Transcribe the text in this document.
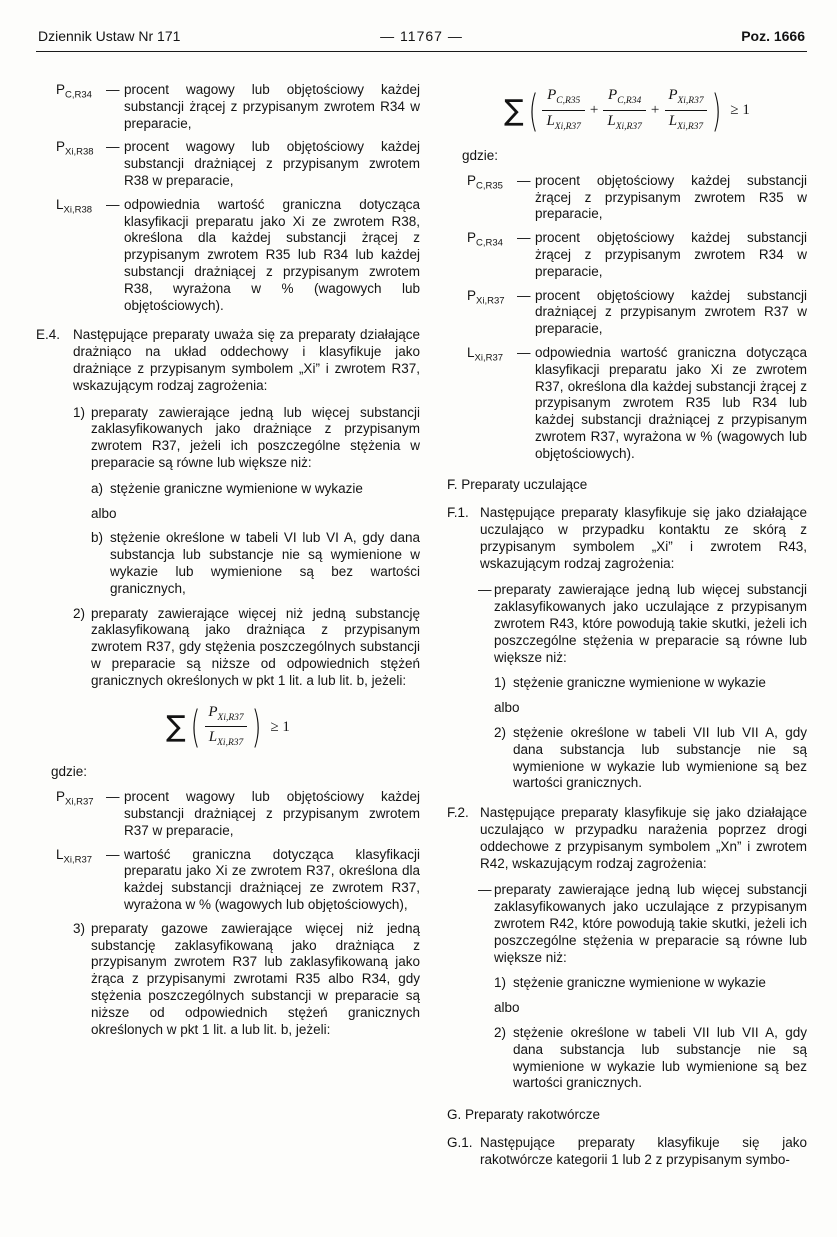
Dziennik Ustaw Nr 171	— 11767 —	Poz. 1666
$P_{C,R34}$	— procent wagowy lub objętościowy każdej substancji żrącej z przypisanym zwrotem R34 w preparacie,
$P_{Xi,R38}$ — procent wagowy lub objętościowy każdej substancji drażniącej z przypisanym zwrotem R38 w preparacie,
$L_{Xi,R38}$	— odpowiednia wartość graniczna dotycząca klasyfikacji preparatu jako Xi ze zwrotem R38, określona dla każdej substancji żrącej z przypisanym zwrotem R35 lub R34 lub każdej substancji drażniącej z przypisanym zwrotem R38, wyrażona w % (wagowych lub objętościowych).
E.4. Następujące preparaty uważa się za preparaty działające drażniąco na układ oddechowy i klasyfikuje jako drażniące z przypisanym symbolem „Xi” i zwrotem R37, wskazującym rodzaj zagrożenia:
1) preparaty zawierające jedną lub więcej substancji zaklasyfikowanych jako drażniące z przypisanym zwrotem R37, jeżeli ich poszczególne stężenia w preparacie są równe lub większe niż:
a) stężenie graniczne wymienione w wykazie
albo
b) stężenie określone w tabeli VI lub VI A, gdy dana substancja lub substancje nie są wymienione w wykazie lub wymienione są bez wartości granicznych,
2) preparaty zawierające więcej niż jedną substancję zaklasyfikowaną jako drażniąca z przypisanym zwrotem R37, gdy stężenia poszczególnych substancji w preparacie są niższe od odpowiednich stężeń granicznych określonych w pkt 1 lit. a lub lit. b, jeżeli:
∑ ( $\frac{P_{Xi,R37}}{L_{Xi,R37}}$ ) ≥ 1
gdzie:
$P_{Xi,R37}$ — procent wagowy lub objętościowy każdej substancji drażniącej z przypisanym zwrotem R37 w preparacie,
$L_{Xi,R37}$	— wartość graniczna dotycząca klasyfikacji preparatu jako Xi ze zwrotem R37, określona dla każdej substancji drażniącej ze zwrotem R37, wyrażona w % (wagowych lub objętościowych),
3) preparaty gazowe zawierające więcej niż jedną substancję zaklasyfikowaną jako drażniąca z przypisanym zwrotem R37 lub zaklasyfikowaną jako żrąca z przypisanymi zwrotami R35 albo R34, gdy stężenia poszczególnych substancji w preparacie są niższe od odpowiednich stężeń granicznych określonych w pkt 1 lit. a lub lit. b, jeżeli:
∑ ( $\frac{P_{C,R35}}{L_{Xi,R37}} + \frac{P_{C,R34}}{L_{Xi,R37}} + \frac{P_{Xi,R37}}{L_{Xi,R37}}$ ) ≥ 1
gdzie:
$P_{C,R35}$	— procent objętościowy każdej substancji żrącej z przypisanym zwrotem R35 w preparacie,
$P_{C,R34}$	— procent objętościowy każdej substancji żrącej z przypisanym zwrotem R34 w preparacie,
$P_{Xi,R37}$ — procent objętościowy każdej substancji drażniącej z przypisanym zwrotem R37 w preparacie,
$L_{Xi,R37}$	— odpowiednia wartość graniczna dotycząca klasyfikacji preparatu jako Xi ze zwrotem R37, określona dla każdej substancji żrącej z przypisanym zwrotem R35 lub R34 lub każdej substancji drażniącej z przypisanym zwrotem R37, wyrażona w % (wagowych lub objętościowych).
F. Preparaty uczulające
F.1. Następujące preparaty klasyfikuje się jako działające uczulająco w przypadku kontaktu ze skórą z przypisanym symbolem „Xi” i zwrotem R43, wskazującym rodzaj zagrożenia:
— preparaty zawierające jedną lub więcej substancji zaklasyfikowanych jako uczulające z przypisanym zwrotem R43, które powodują takie skutki, jeżeli ich poszczególne stężenia w preparacie są równe lub większe niż:
1) stężenie graniczne wymienione w wykazie
albo
2) stężenie określone w tabeli VII lub VII A, gdy dana substancja lub substancje nie są wymienione w wykazie lub wymienione są bez wartości granicznych.
F.2. Następujące preparaty klasyfikuje się jako działające uczulająco w przypadku narażenia poprzez drogi oddechowe z przypisanym symbolem „Xn” i zwrotem R42, wskazującym rodzaj zagrożenia:
— preparaty zawierające jedną lub więcej substancji zaklasyfikowanych jako uczulające z przypisanym zwrotem R42, które powodują takie skutki, jeżeli ich poszczególne stężenia w preparacie są równe lub większe niż:
1) stężenie graniczne wymienione w wykazie
albo
2) stężenie określone w tabeli VII lub VII A, gdy dana substancja lub substancje nie są wymienione w wykazie lub wymienione są bez wartości granicznych.
G. Preparaty rakotwórcze
G.1. Następujące preparaty klasyfikuje się jako rakotwórcze kategorii 1 lub 2 z przypisanym symbo-
